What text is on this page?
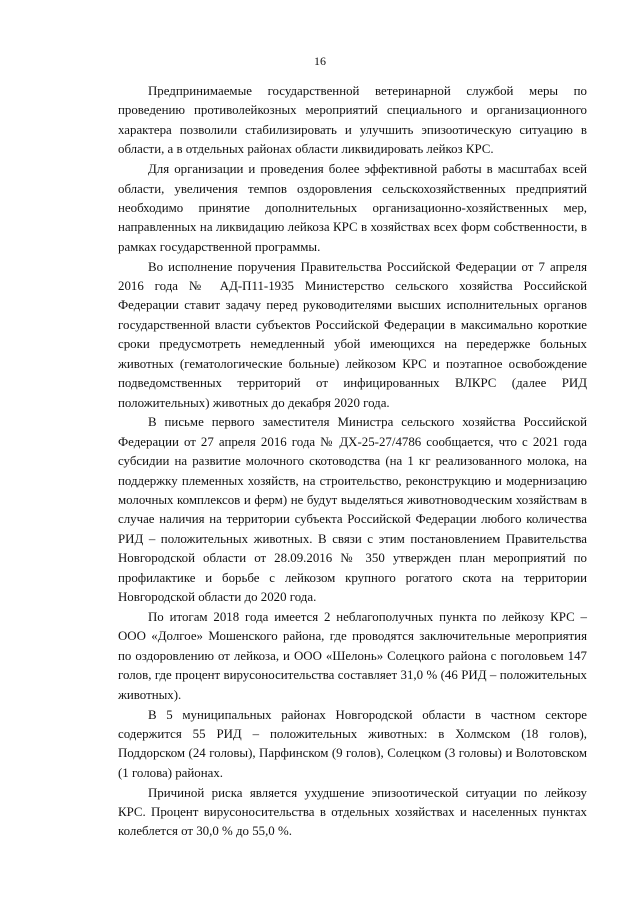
16

Предпринимаемые государственной ветеринарной службой меры по проведению противолейкозных мероприятий специального и организационного характера позволили стабилизировать и улучшить эпизоотическую ситуацию в области, а в отдельных районах области ликвидировать лейкоз КРС.

Для организации и проведения более эффективной работы в масштабах всей области, увеличения темпов оздоровления сельскохозяйственных предприятий необходимо принятие дополнительных организационно-хозяйственных мер, направленных на ликвидацию лейкоза КРС в хозяйствах всех форм собственности, в рамках государственной программы.

Во исполнение поручения Правительства Российской Федерации от 7 апреля 2016 года № АД-П11-1935 Министерство сельского хозяйства Российской Федерации ставит задачу перед руководителями высших исполнительных органов государственной власти субъектов Российской Федерации в максимально короткие сроки предусмотреть немедленный убой имеющихся на передержке больных животных (гематологические больные) лейкозом КРС и поэтапное освобождение подведомственных территорий от инфицированных ВЛКРС (далее РИД положительных) животных до декабря 2020 года.

В письме первого заместителя Министра сельского хозяйства Российской Федерации от 27 апреля 2016 года № ДХ-25-27/4786 сообщается, что с 2021 года субсидии на развитие молочного скотоводства (на 1 кг реализованного молока, на поддержку племенных хозяйств, на строительство, реконструкцию и модернизацию молочных комплексов и ферм) не будут выделяться животноводческим хозяйствам в случае наличия на территории субъекта Российской Федерации любого количества РИД – положительных животных. В связи с этим постановлением Правительства Новгородской области от 28.09.2016 № 350 утвержден план мероприятий по профилактике и борьбе с лейкозом крупного рогатого скота на территории Новгородской области до 2020 года.

По итогам 2018 года имеется 2 неблагополучных пункта по лейкозу КРС – ООО «Долгое» Мошенского района, где проводятся заключительные мероприятия по оздоровлению от лейкоза, и ООО «Шелонь» Солецкого района с поголовьем 147 голов, где процент вирусоносительства составляет 31,0 % (46 РИД – положительных животных).

В 5 муниципальных районах Новгородской области в частном секторе содержится 55 РИД – положительных животных: в Холмском (18 голов), Поддорском (24 головы), Парфинском (9 голов), Солецком (3 головы) и Волотовском (1 голова) районах.

Причиной риска является ухудшение эпизоотической ситуации по лейкозу КРС. Процент вирусоносительства в отдельных хозяйствах и населенных пунктах колеблется от 30,0 % до 55,0 %.
